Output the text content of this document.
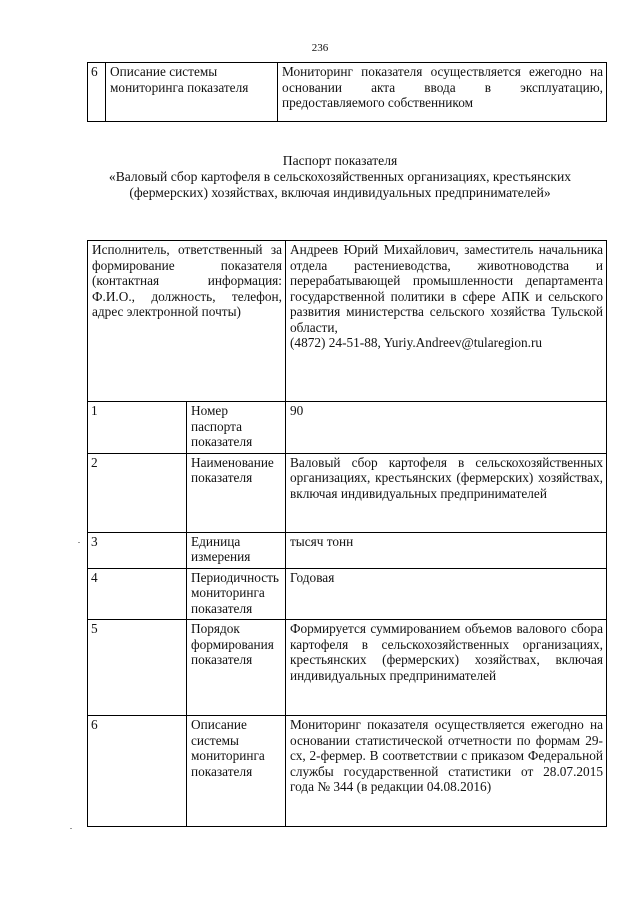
236
6	Описание системы мониторинга показателя	Мониторинг показателя осуществляется ежегодно на основании акта ввода в эксплуатацию, предоставляемого собственником
Паспорт показателя
«Валовый сбор картофеля в сельскохозяйственных организациях, крестьянских (фермерских) хозяйствах, включая индивидуальных предпринимателей»
Исполнитель, ответственный за формирование показателя (контактная информация: Ф.И.О., должность, телефон, адрес электронной почты)		Андреев Юрий Михайлович, заместитель начальника отдела растениеводства, животноводства и перерабатывающей промышленности департамента государственной политики в сфере АПК и сельского развития министерства сельского хозяйства Тульской области,
(4872) 24-51-88, Yuriy.Andreev@tularegion.ru

1	Номер паспорта показателя	90
2	Наименование показателя	Валовый сбор картофеля в сельскохозяйственных организациях, крестьянских (фермерских) хозяйствах, включая индивидуальных предпринимателей
3	Единица измерения	тысяч тонн
4	Периодичность мониторинга показателя	Годовая
5	Порядок формирования показателя	Формируется суммированием объемов валового сбора картофеля в сельскохозяйственных организациях, крестьянских (фермерских) хозяйствах, включая индивидуальных предпринимателей
6	Описание системы мониторинга показателя	Мониторинг показателя осуществляется ежегодно на основании статистической отчетности по формам 29-сх, 2-фермер. В соответствии с приказом Федеральной службы государственной статистики от 28.07.2015 года № 344 (в редакции 04.08.2016)
